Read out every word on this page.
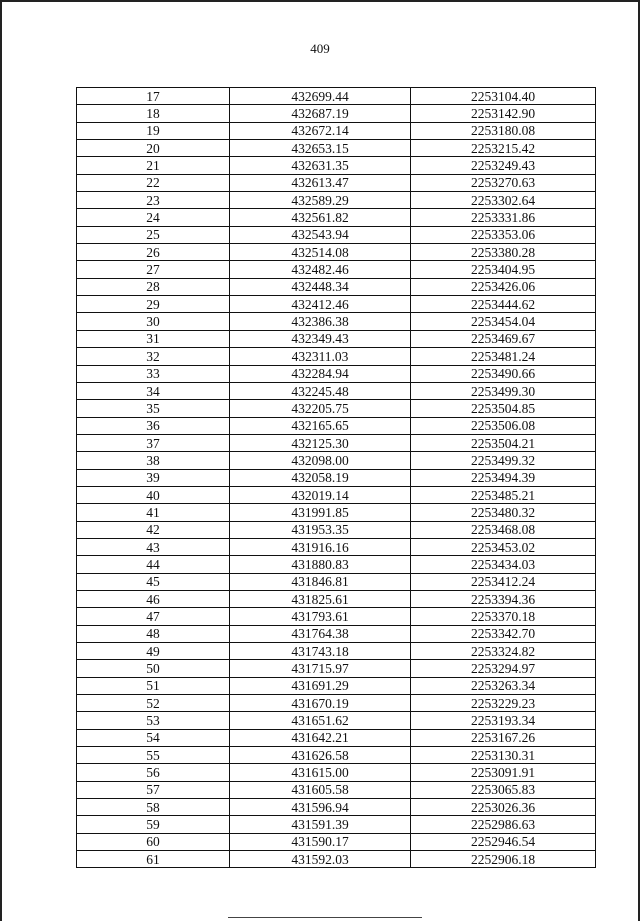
409
17	432699.44	2253104.40
18	432687.19	2253142.90
19	432672.14	2253180.08
20	432653.15	2253215.42
21	432631.35	2253249.43
22	432613.47	2253270.63
23	432589.29	2253302.64
24	432561.82	2253331.86
25	432543.94	2253353.06
26	432514.08	2253380.28
27	432482.46	2253404.95
28	432448.34	2253426.06
29	432412.46	2253444.62
30	432386.38	2253454.04
31	432349.43	2253469.67
32	432311.03	2253481.24
33	432284.94	2253490.66
34	432245.48	2253499.30
35	432205.75	2253504.85
36	432165.65	2253506.08
37	432125.30	2253504.21
38	432098.00	2253499.32
39	432058.19	2253494.39
40	432019.14	2253485.21
41	431991.85	2253480.32
42	431953.35	2253468.08
43	431916.16	2253453.02
44	431880.83	2253434.03
45	431846.81	2253412.24
46	431825.61	2253394.36
47	431793.61	2253370.18
48	431764.38	2253342.70
49	431743.18	2253324.82
50	431715.97	2253294.97
51	431691.29	2253263.34
52	431670.19	2253229.23
53	431651.62	2253193.34
54	431642.21	2253167.26
55	431626.58	2253130.31
56	431615.00	2253091.91
57	431605.58	2253065.83
58	431596.94	2253026.36
59	431591.39	2252986.63
60	431590.17	2252946.54
61	431592.03	2252906.18
